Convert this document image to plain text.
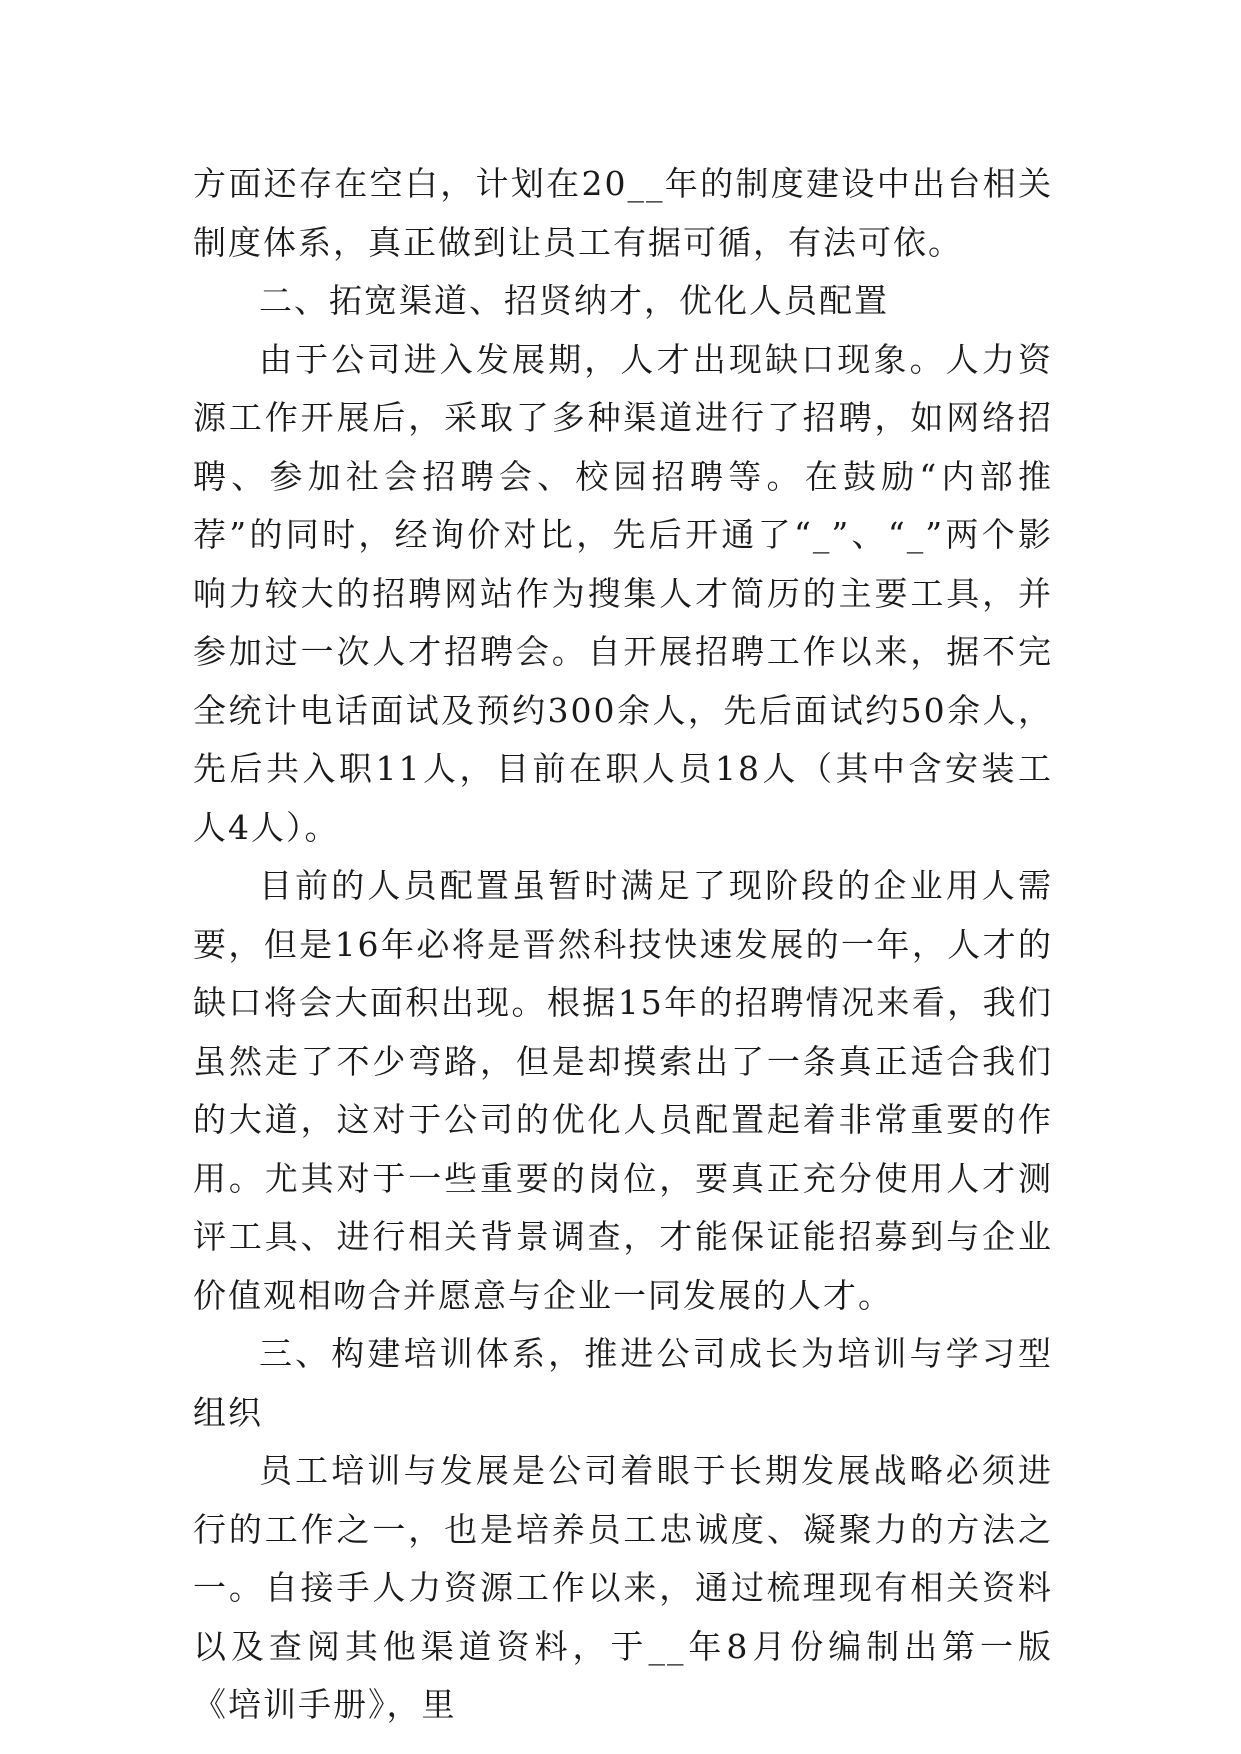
方面还存在空白，计划在20__年的制度建设中出台相关制度体系，真正做到让员工有据可循，有法可依。

二、拓宽渠道、招贤纳才，优化人员配置

由于公司进入发展期，人才出现缺口现象。人力资源工作开展后，采取了多种渠道进行了招聘，如网络招聘、参加社会招聘会、校园招聘等。在鼓励“内部推荐”的同时，经询价对比，先后开通了“_”、“_”两个影响力较大的招聘网站作为搜集人才简历的主要工具，并参加过一次人才招聘会。自开展招聘工作以来，据不完全统计电话面试及预约300余人，先后面试约50余人，先后共入职11人，目前在职人员18人（其中含安装工人4人）。

目前的人员配置虽暂时满足了现阶段的企业用人需要，但是16年必将是晋然科技快速发展的一年，人才的缺口将会大面积出现。根据15年的招聘情况来看，我们虽然走了不少弯路，但是却摸索出了一条真正适合我们的大道，这对于公司的优化人员配置起着非常重要的作用。尤其对于一些重要的岗位，要真正充分使用人才测评工具、进行相关背景调查，才能保证能招募到与企业价值观相吻合并愿意与企业一同发展的人才。

三、构建培训体系，推进公司成长为培训与学习型组织

员工培训与发展是公司着眼于长期发展战略必须进行的工作之一，也是培养员工忠诚度、凝聚力的方法之一。自接手人力资源工作以来，通过梳理现有相关资料以及查阅其他渠道资料，于__年8月份编制出第一版《培训手册》，里
